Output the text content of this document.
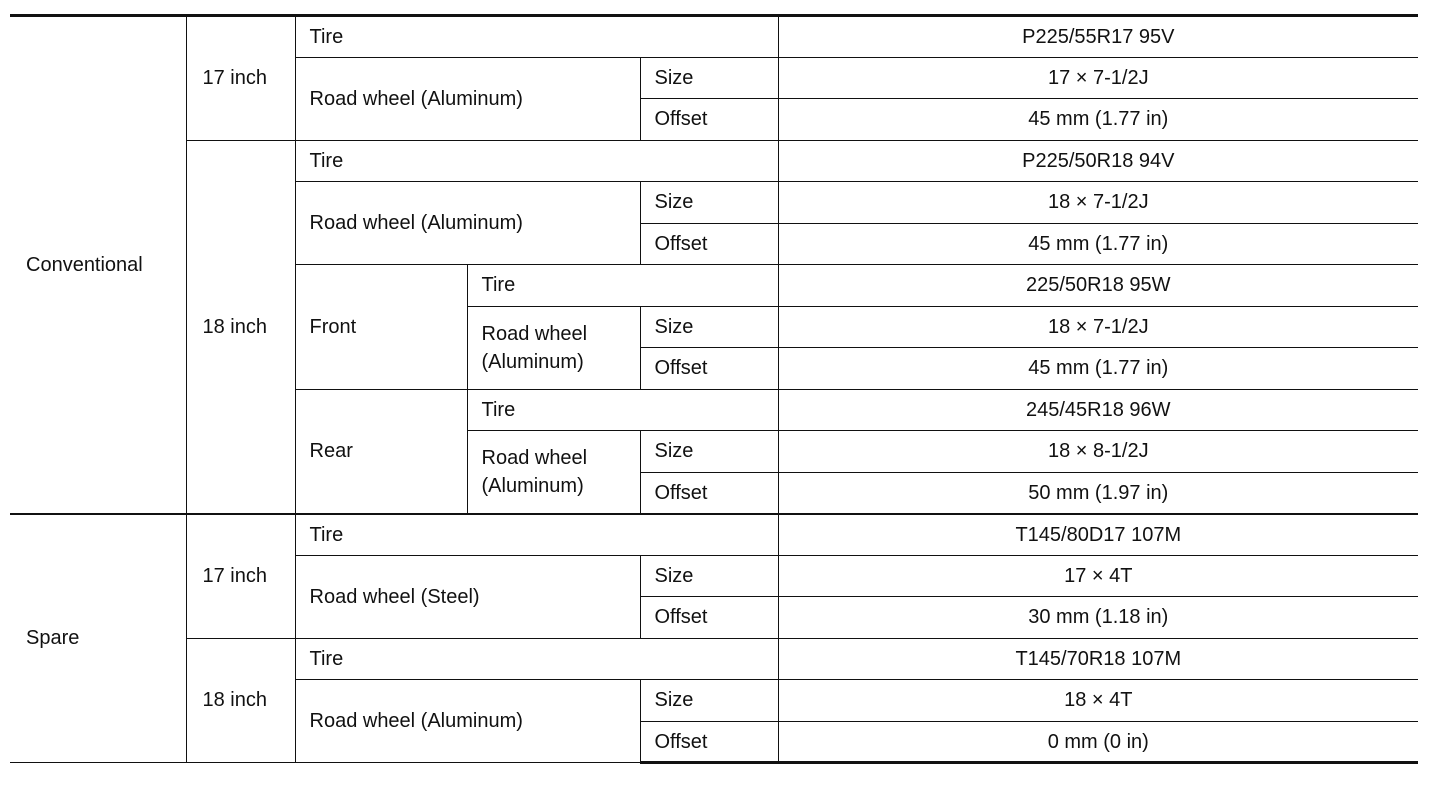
Conventional	17 inch	Tire			P225/55R17 95V
		Road wheel (Aluminum)		Size	17 × 7-1/2J
				Offset	45 mm (1.77 in)
	18 inch	Tire			P225/50R18 94V
		Road wheel (Aluminum)		Size	18 × 7-1/2J
				Offset	45 mm (1.77 in)
		Front	Tire		225/50R18 95W
			Road wheel (Aluminum)	Size	18 × 7-1/2J
				Offset	45 mm (1.77 in)
		Rear	Tire		245/45R18 96W
			Road wheel (Aluminum)	Size	18 × 8-1/2J
				Offset	50 mm (1.97 in)
Spare	17 inch	Tire			T145/80D17 107M
		Road wheel (Steel)		Size	17 × 4T
				Offset	30 mm (1.18 in)
	18 inch	Tire			T145/70R18 107M
		Road wheel (Aluminum)		Size	18 × 4T
				Offset	0 mm (0 in)
